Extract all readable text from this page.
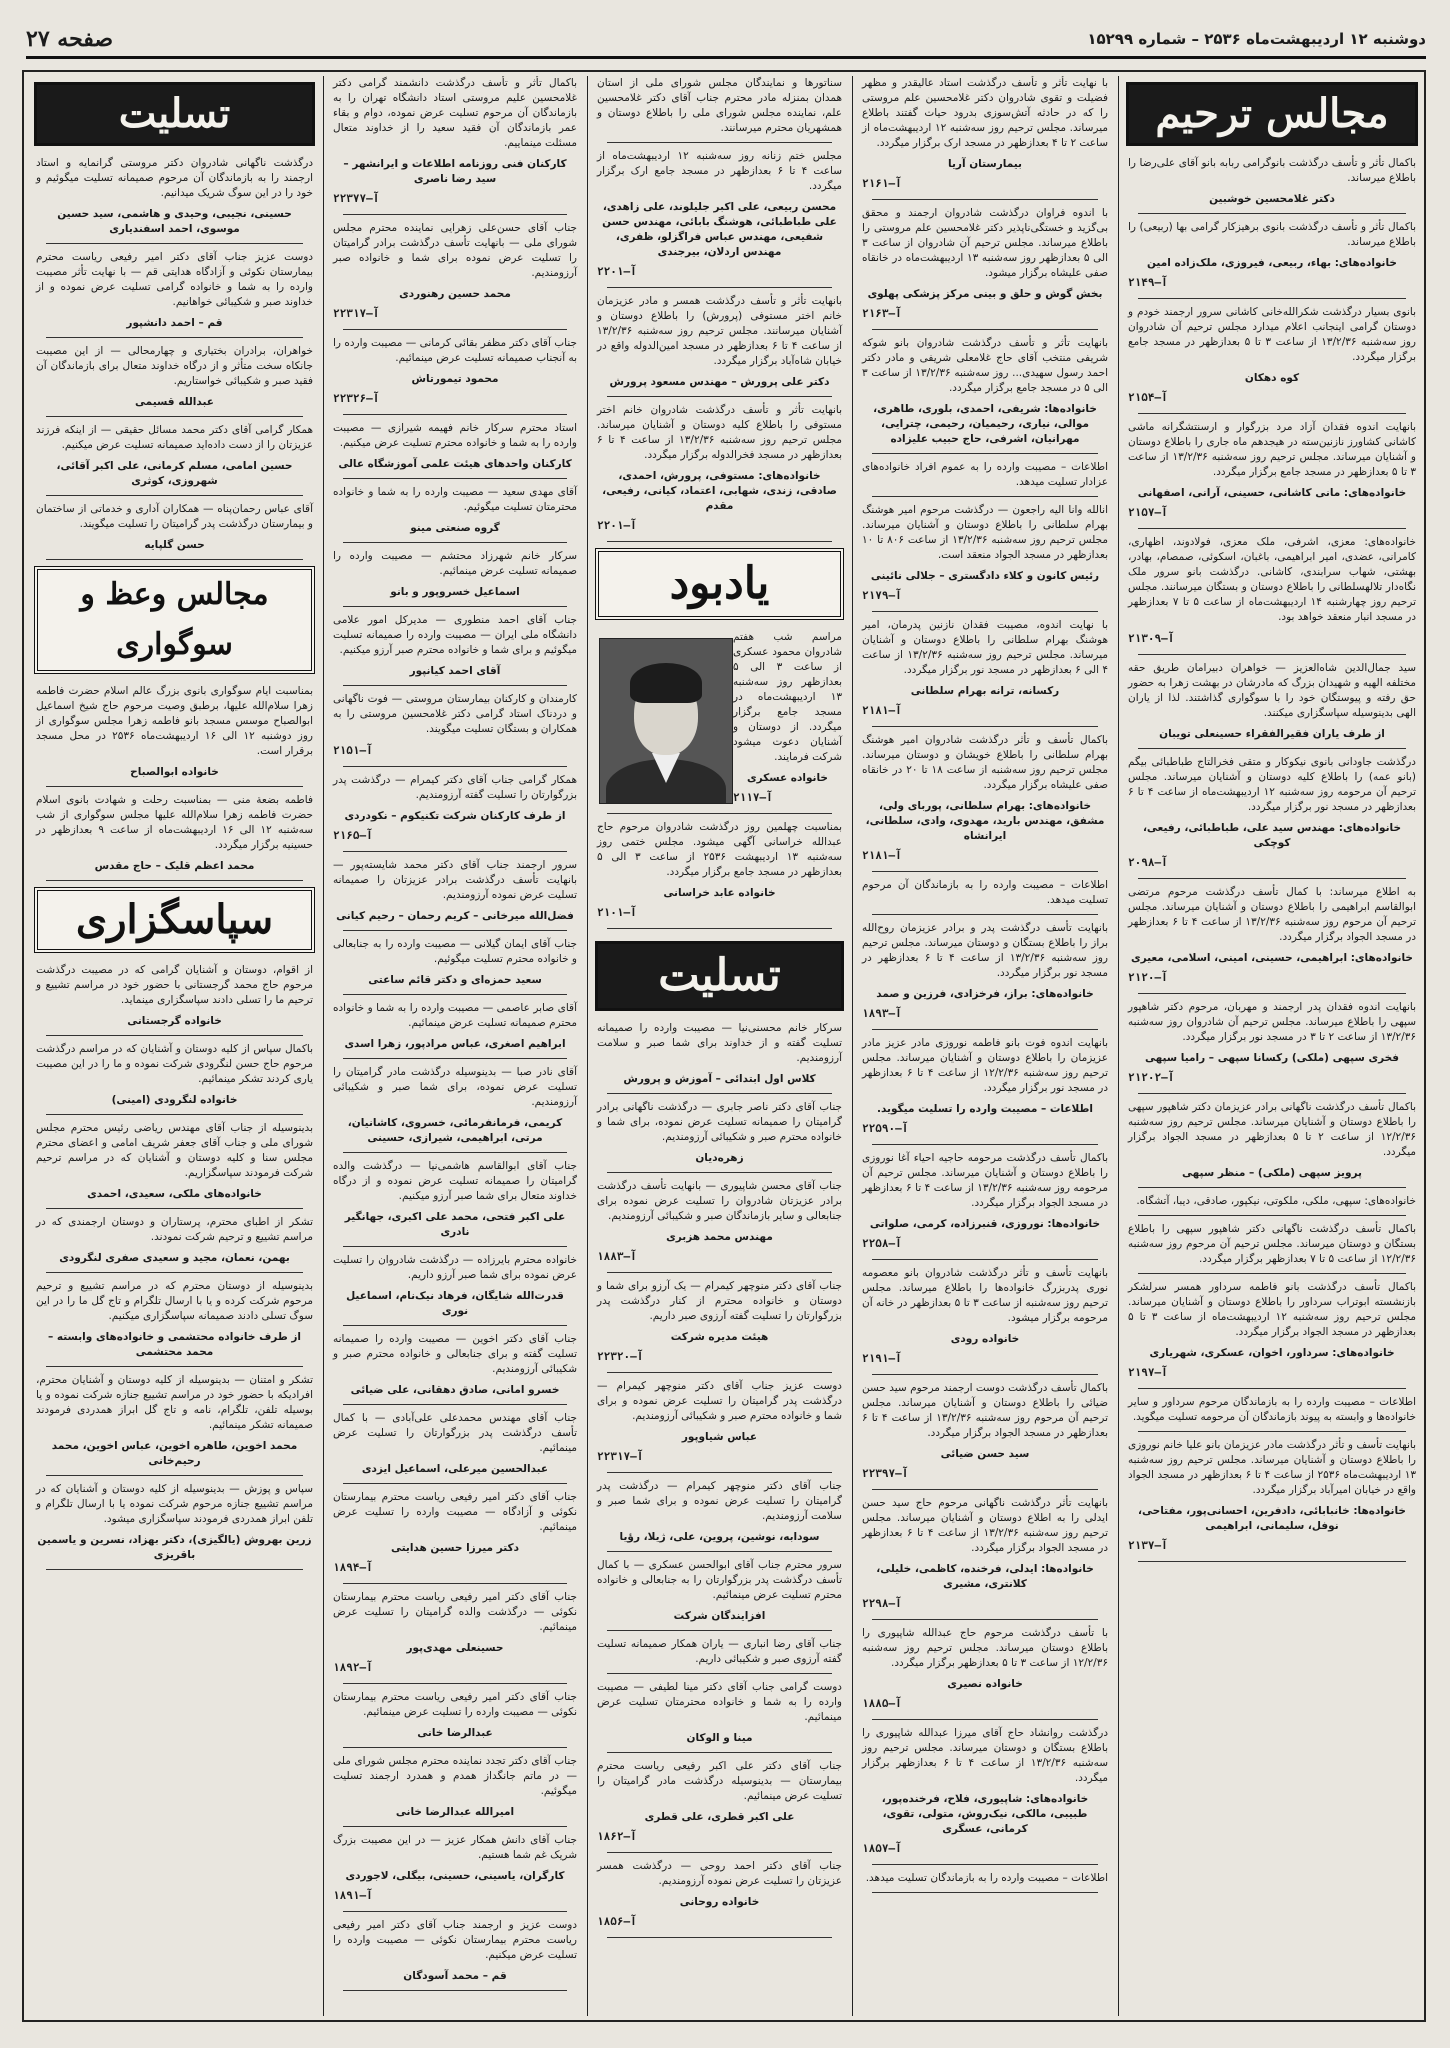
دوشنبه ۱۲ اردیبهشت‌ماه ۲۵۳۶ – شماره ۱۵۲۹۹
صفحه ۲۷
مجالس ترحیم

باکمال تأثر و تأسف درگذشت بانوگرامی ربابه بانو آقای علی‌رضا را باطلاع میرساند.

دکتر غلامحسین خوشبین

باکمال تأثر و تأسف درگذشت بانوی برهیزکار گرامی بها (ربیعی) را باطلاع میرساند.

خانواده‌های: بهاء، ربیعی، فیروزی، ملک‌زاده امین
آ–۲۱۴۹

بانوی بسیار درگذشت شکرالله‌خانی کاشانی سرور ارجمند خودم و دوستان گرامی اینجانب اعلام میدارد مجلس ترحیم آن شادروان روز سه‌شنبه ۱۳/۲/۳۶ از ساعت ۳ تا ۵ بعدازظهر در مسجد جامع برگزار میگردد.

کوه دهکان
آ–۲۱۵۴

بانهایت اندوه فقدان آزاد مرد بزرگوار و ارسنتشگرانه ماشی کاشانی کشاورز نازنین‌سته در هیجدهم ماه جاری را باطلاع دوستان و آشنایان میرساند. مجلس ترحیم روز سه‌شنبه ۱۳/۲/۳۶ از ساعت ۳ تا ۵ بعدازظهر در مسجد جامع برگزار میگردد.

خانواده‌های: مانی کاشانی، حسینی، آرانی، اصفهانی
آ–۲۱۵۷

خانواده‌های: معزی، اشرفی، ملک معزی، فولادوند، اظهاری، کامرانی، عضدی، امیر ابراهیمی، باغبان، اسکوئی، صمصام، بهادر، بهشتی، شهاب سرابندی، کاشانی. درگذشت بانو سرور ملک نگاه‌دار تلالهسلطانی را باطلاع دوستان و بستگان میرسانند. مجلس ترحیم روز چهارشنبه ۱۴ اردیبهشت‌ماه از ساعت ۵ تا ۷ بعدازظهر در مسجد انبار منعقد خواهد بود.

آ–۲۱۳۰۹

سید جمال‌الدین شاه‌العزیز — خواهران دبیرامان طریق حقه مختلفه الهیه و شهیدان بزرگ که مادرشان در بهشت زهرا به حضور حق رفته و پیوستگان خود را با سوگواری گذاشتند. لذا از یاران الهی بدینوسیله سپاسگزاری میکنند.

از طرف یاران فقیرالفقراء حسینعلی تویبان

درگذشت جاودانی بانوی نیکوکار و متقی فخرالتاج طباطبائی بیگم (بانو عمه) را باطلاع کلیه دوستان و آشنایان میرساند. مجلس ترحیم آن مرحومه روز سه‌شنبه ۱۲ اردیبهشت‌ماه از ساعت ۴ تا ۶ بعدازظهر در مسجد نور برگزار میگردد.

خانواده‌های: مهندس سید علی، طباطبائی، رفیعی، کوچکی
آ–۲۰۹۸

به اطلاع میرساند: با کمال تأسف درگذشت مرحوم مرتضی ابوالقاسم ابراهیمی را باطلاع دوستان و آشنایان میرساند. مجلس ترحیم آن مرحوم روز سه‌شنبه ۱۳/۲/۳۶ از ساعت ۴ تا ۶ بعدازظهر در مسجد الجواد برگزار میگردد.

خانواده‌های: ابراهیمی، حسینی، امینی، اسلامی، معیری
آ–۲۱۲۰

بانهایت اندوه فقدان پدر ارجمند و مهربان، مرحوم دکتر شاهپور سپهی را باطلاع میرساند. مجلس ترحیم آن شادروان روز سه‌شنبه ۱۳/۲/۳۶ از ساعت ۲ تا ۳ در مسجد نور برگزار میگردد.

فخری سپهی (ملکی) رکسانا سپهی – رامیا سپهی
آ–۲۱۲۰۲

باکمال تأسف درگذشت ناگهانی برادر عزیزمان دکتر شاهپور سپهی را باطلاع دوستان و آشنایان میرساند. مجلس ترحیم روز سه‌شنبه ۱۲/۲/۳۶ از ساعت ۲ تا ۵ بعدازظهر در مسجد الجواد برگزار میگردد.

پرویز سپهی (ملکی) – منظر سپهی

خانواده‌های: سپهی، ملکی، ملکوتی، نیکپور، صادقی، دیبا، آتشگاه.

باکمال تأسف درگذشت ناگهانی دکتر شاهپور سپهی را باطلاع بستگان و دوستان میرساند. مجلس ترحیم آن مرحوم روز سه‌شنبه ۱۲/۲/۳۶ از ساعت ۵ تا ۷ بعدازظهر برگزار میگردد.

باکمال تأسف درگذشت بانو فاطمه سرداور همسر سرلشکر بازنشسته ابوتراب سرداور را باطلاع دوستان و آشنایان میرساند. مجلس ترحیم روز سه‌شنبه ۱۲ اردیبهشت‌ماه از ساعت ۳ تا ۵ بعدازظهر در مسجد الجواد برگزار میگردد.

خانواده‌های: سرداور، اخوان، عسکری، شهریاری
آ–۲۱۹۷

اطلاعات – مصیبت وارده را به بازماندگان مرحوم سرداور و سایر خانواده‌ها و وابسته به پیوند بازماندگان آن مرحومه تسلیت میگوید.

بانهایت تأسف و تأثر درگذشت مادر عزیزمان بانو علیا خانم نوروزی را باطلاع دوستان و آشنایان میرساند. مجلس ترحیم روز سه‌شنبه ۱۳ اردیبهشت‌ماه ۲۵۳۶ از ساعت ۴ تا ۶ بعدازظهر در مسجد الجواد واقع در خیابان امیرآباد برگزار میگردد.

خانواده‌ها: خانبابائی، دادفرین، احسانی‌پور، مفتاحی، نوفل، سلیمانی، ابراهیمی
آ–۲۱۳۷

با نهایت تأثر و تأسف درگذشت استاد عالیقدر و مظهر فضیلت و تقوی شادروان دکتر غلامحسین علم مروستی را که در حادثه آتش‌سوزی بدرود حیات گفتند باطلاع میرساند. مجلس ترحیم روز سه‌شنبه ۱۲ اردیبهشت‌ماه از ساعت ۲ تا ۴ بعدازظهر در مسجد ارک برگزار میگردد.

بیمارستان آریا
آ–۲۱۶۱

با اندوه فراوان درگذشت شادروان ارجمند و محقق بی‌گزید و خستگی‌ناپذیر دکتر غلامحسین علم مروستی را باطلاع میرساند. مجلس ترحیم آن شادروان از ساعت ۳ الی ۵ بعدازظهر روز سه‌شنبه ۱۳ اردیبهشت‌ماه در خانقاه صفی علیشاه برگزار میشود.

بخش گوش و حلق و بینی مرکز پزشکی پهلوی
آ–۲۱۶۳

بانهایت تأثر و تأسف درگذشت شادروان بانو شوکه شریفی منتخب آقای حاج غلامعلی شریفی و مادر دکتر احمد رسول سهیدی... روز سه‌شنبه ۱۳/۲/۳۶ از ساعت ۳ الی ۵ در مسجد جامع برگزار میگردد.

خانواده‌ها: شریفی، احمدی، بلوری، طاهری، موالی، نیاری، رحیمیان، رحیمی، چترایی، مهرانیان، اشرفی، حاج حبیب علیزاده

اطلاعات – مصیبت وارده را به عموم افراد خانواده‌های عزادار تسلیت میدهد.

انالله وانا الیه راجعون — درگذشت مرحوم امیر هوشنگ بهرام سلطانی را باطلاع دوستان و آشنایان میرساند. مجلس ترحیم روز سه‌شنبه ۱۳/۲/۳۶ از ساعت ۸۰۶ تا ۱۰ بعدازظهر در مسجد الجواد منعقد است.

رئیس کانون و کلاء دادگستری – جلالی نائینی
آ–۲۱۷۹

با نهایت اندوه، مصیبت فقدان نازنین پدرمان، امیر هوشنگ بهرام سلطانی را باطلاع دوستان و آشنایان میرساند. مجلس ترحیم روز سه‌شنبه ۱۳/۲/۳۶ از ساعت ۴ الی ۶ بعدازظهر در مسجد نور برگزار میگردد.

رکسانه، ترانه بهرام سلطانی
آ–۲۱۸۱

باکمال تأسف و تأثر درگذشت شادروان امیر هوشنگ بهرام سلطانی را باطلاع خویشان و دوستان میرساند. مجلس ترحیم روز سه‌شنبه از ساعت ۱۸ تا ۲۰ در خانقاه صفی علیشاه برگزار میگردد.

خانواده‌های: بهرام سلطانی، پوربای ولی، مشفق، مهندس بارید، مهدوی، وادی، سلطانی، ایرانشاه
آ–۲۱۸۱

اطلاعات – مصیبت وارده را به بازماندگان آن مرحوم تسلیت میدهد.

بانهایت تأسف درگذشت پدر و برادر عزیزمان روح‌الله براز را باطلاع بستگان و دوستان میرساند. مجلس ترحیم روز سه‌شنبه ۱۳/۲/۳۶ از ساعت ۴ تا ۶ بعدازظهر در مسجد نور برگزار میگردد.

خانواده‌های: براز، فرخزادی، فرزین و صمد
آ–۱۸۹۳

بانهایت اندوه فوت بانو فاطمه نوروزی مادر عزیز مادر عزیزمان را باطلاع دوستان و آشنایان میرساند. مجلس ترحیم روز سه‌شنبه ۱۲/۲/۳۶ از ساعت ۴ تا ۶ بعدازظهر در مسجد نور برگزار میگردد.

اطلاعات – مصیبت وارده را تسلیت میگوید.
آ–۲۲۵۹۰

باکمال تأسف درگذشت مرحومه حاجیه احیاء آغا نوروزی را باطلاع دوستان و آشنایان میرساند. مجلس ترحیم آن مرحومه روز سه‌شنبه ۱۳/۲/۳۶ از ساعت ۴ تا ۶ بعدازظهر در مسجد الجواد برگزار میگردد.

خانواده‌ها: نوروزی، قنبرزاده، کرمی، صلواتی
آ–۲۲۵۸

بانهایت تأسف و تأثر درگذشت شادروان بانو معصومه نوری پدربزرگ خانواده‌ها را باطلاع میرساند. مجلس ترحیم روز سه‌شنبه از ساعت ۳ تا ۵ بعدازظهر در خانه آن مرحومه برگزار میشود.

خانواده رودی
آ–۲۱۹۱

باکمال تأسف درگذشت دوست ارجمند مرحوم سید حسن ضیائی را باطلاع دوستان و آشنایان میرساند. مجلس ترحیم آن مرحوم روز سه‌شنبه ۱۳/۲/۳۶ از ساعت ۴ تا ۶ بعدازظهر در مسجد الجواد برگزار میگردد.

سید حسن ضیائی
آ–۲۲۳۹۷

بانهایت تأثر درگذشت ناگهانی مرحوم حاج سید حسن ایدلی را به اطلاع دوستان و آشنایان میرساند. مجلس ترحیم روز سه‌شنبه ۱۳/۲/۳۶ از ساعت ۴ تا ۶ بعدازظهر در مسجد الجواد برگزار میگردد.

خانواده‌ها: ایدلی، فرخنده، کاظمی، خلیلی، کلانتری، مشیری
آ–۲۲۹۸

با تأسف درگذشت مرحوم حاج عبدالله شاپیوری را باطلاع دوستان میرساند. مجلس ترحیم روز سه‌شنبه ۱۲/۲/۳۶ از ساعت ۳ تا ۵ بعدازظهر برگزار میگردد.

خانواده نصیری
آ–۱۸۸۵

درگذشت روانشاد حاج آقای میرزا عبدالله شاپیوری را باطلاع بستگان و دوستان میرساند. مجلس ترحیم روز سه‌شنبه ۱۳/۲/۳۶ از ساعت ۴ تا ۶ بعدازظهر برگزار میگردد.

خانواده‌های: شاپیوری، فلاح، فرخنده‌پور، طبیبی، مالکی، نیک‌روش، متولی، تقوی، کرمانی، عسگری
آ–۱۸۵۷

اطلاعات – مصیبت وارده را به بازماندگان تسلیت میدهد.

سناتورها و نمایندگان مجلس شورای ملی از استان همدان بمنزله مادر محترم جناب آقای دکتر غلامحسین علم، نماینده مجلس شورای ملی را باطلاع دوستان و همشهریان محترم میرسانند.

مجلس ختم زنانه روز سه‌شنبه ۱۲ اردیبهشت‌ماه از ساعت ۴ تا ۶ بعدازظهر در مسجد جامع ارک برگزار میگردد.

محسن ربیعی، علی اکبر جلیلوند، علی زاهدی، علی طباطبائی، هوشنگ بابائی، مهندس حسن شفیعی، مهندس عباس فراگزلو، ظفری، مهندس اردلان، بیرجندی
آ–۲۲۰۱

بانهایت تأثر و تأسف درگذشت همسر و مادر عزیزمان خانم اختر مستوفی (پرورش) را باطلاع دوستان و آشنایان میرسانند. مجلس ترحیم روز سه‌شنبه ۱۳/۲/۳۶ از ساعت ۴ تا ۶ بعدازظهر در مسجد امین‌الدوله واقع در خیابان شاه‌آباد برگزار میگردد.

دکتر علی پرورش – مهندس مسعود پرورش

بانهایت تأثر و تأسف درگذشت شادروان خانم اختر مستوفی را باطلاع کلیه دوستان و آشنایان میرساند. مجلس ترحیم روز سه‌شنبه ۱۳/۲/۳۶ از ساعت ۴ تا ۶ بعدازظهر در مسجد فخرالدوله برگزار میگردد.

خانواده‌های: مستوفی، پرورش، احمدی، صادقی، زندی، شهابی، اعتماد، کیانی، رفیعی، مقدم
آ–۲۲۰۱
یادبود

مراسم شب هفتم شادروان محمود عسکری از ساعت ۳ الی ۵ بعدازظهر روز سه‌شنبه ۱۳ اردیبهشت‌ماه در مسجد جامع برگزار میگردد. از دوستان و آشنایان دعوت میشود شرکت فرمایند.

خانواده عسکری
آ–۲۱۱۷

بمناسبت چهلمین روز درگذشت شادروان مرحوم حاج عبدالله خراسانی آگهی میشود. مجلس ختمی روز سه‌شنبه ۱۳ اردیبهشت ۲۵۳۶ از ساعت ۳ الی ۵ بعدازظهر در مسجد جامع برگزار میگردد.

خانواده عابد خراسانی
آ–۲۱۰۱
تسلیت

سرکار خانم محسنی‌نیا — مصیبت وارده را صمیمانه تسلیت گفته و از خداوند برای شما صبر و سلامت آرزومندیم.

کلاس اول ابتدائی – آموزش و پرورش

جناب آقای دکتر ناصر جابری — درگذشت ناگهانی برادر گرامیتان را صمیمانه تسلیت عرض نموده، برای شما و خانواده محترم صبر و شکیبائی آرزومندیم.

زهره‌دیان

جناب آقای محسن شاپیوری — بانهایت تأسف درگذشت برادر عزیزتان شادروان را تسلیت عرض نموده برای جنابعالی و سایر بازماندگان صبر و شکیبائی آرزومندیم.

مهندس محمد هزبری
آ–۱۸۸۳

جناب آقای دکتر منوچهر کیمرام — یک آرزو برای شما و دوستان و خانواده محترم از کنار درگذشت پدر بزرگوارتان را تسلیت گفته آرزوی صبر داریم.

هیئت مدیره شرکت
آ–۲۲۳۲۰

دوست عزیز جناب آقای دکتر منوچهر کیمرام — درگذشت پدر گرامیتان را تسلیت عرض نموده و برای شما و خانواده محترم صبر و شکیبائی آرزومندیم.

عباس شیاوپور
آ–۲۲۳۱۷

جناب آقای دکتر منوچهر کیمرام — درگذشت پدر گرامیتان را تسلیت عرض نموده و برای شما صبر و سلامت آرزومندیم.

سودابه، نوشین، پروین، علی، ژیلا، رؤیا

سرور محترم جناب آقای ابوالحسن عسکری — با کمال تأسف درگذشت پدر بزرگوارتان را به جنابعالی و خانواده محترم تسلیت عرض مینمائیم.

افزایندگان شرکت

جناب آقای رضا انباری — یاران همکار صمیمانه تسلیت گفته آرزوی صبر و شکیبائی داریم.

دوست گرامی جناب آقای دکتر مینا لطیفی — مصیبت وارده را به شما و خانواده محترمتان تسلیت عرض مینمائیم.

مینا و الوکان

جناب آقای دکتر علی اکبر رفیعی ریاست محترم بیمارستان — بدینوسیله درگذشت مادر گرامیتان را تسلیت عرض مینمائیم.

علی اکبر قطری، علی قطری
آ–۱۸۶۲

جناب آقای دکتر احمد روحی — درگذشت همسر عزیزتان را تسلیت عرض نموده آرزومندیم.

خانواده روحانی
آ–۱۸۵۶

باکمال تأثر و تأسف درگذشت دانشمند گرامی دکتر غلامحسین علیم مروستی استاد دانشگاه تهران را به بازماندگان آن مرحوم تسلیت عرض نموده، دوام و بقاء عمر بازماندگان آن فقید سعید را از خداوند متعال مسئلت مینماییم.

کارکنان فنی روزنامه اطلاعات و ایرانشهر – سید رضا ناصری
آ–۲۲۳۷۷

جناب آقای حسن‌علی زهرایی نماینده محترم مجلس شورای ملی — بانهایت تأسف درگذشت برادر گرامیتان را تسلیت عرض نموده برای شما و خانواده صبر آرزومندیم.

محمد حسین رهنوردی
آ–۲۲۳۱۷

جناب آقای دکتر مظفر بقائی کرمانی — مصیبت وارده را به آنجناب صمیمانه تسلیت عرض مینمائیم.

محمود تیمورتاش
آ–۲۲۳۲۶

استاد محترم سرکار خانم فهیمه شیرازی — مصیبت وارده را به شما و خانواده محترم تسلیت عرض میکنیم.

کارکنان واحدهای هیئت علمی آموزشگاه عالی

آقای مهدی سعید — مصیبت وارده را به شما و خانواده محترمتان تسلیت میگوئیم.

گروه صنعتی مینو

سرکار خانم شهرزاد محتشم — مصیبت وارده را صمیمانه تسلیت عرض مینمائیم.

اسماعیل خسروپور و بانو

جناب آقای احمد منطوری — مدیرکل امور علامی دانشگاه ملی ایران — مصیبت وارده را صمیمانه تسلیت میگوئیم و برای شما و خانواده محترم صبر آرزو میکنیم.

آقای احمد کیانپور

کارمندان و کارکنان بیمارستان مروستی — فوت ناگهانی و دردناک استاد گرامی دکتر غلامحسین مروستی را به همکاران و بستگان تسلیت میگویند.

آ–۲۱۵۱

همکار گرامی جناب آقای دکتر کیمرام — درگذشت پدر بزرگوارتان را تسلیت گفته آرزومندیم.

از طرف کارکنان شرکت تکنیکوم – نکودردی
آ–۲۱۶۵

سرور ارجمند جناب آقای دکتر محمد شایسته‌پور — بانهایت تأسف درگذشت برادر عزیزتان را صمیمانه تسلیت عرض نموده آرزومندیم.

فضل‌الله میرخانی – کریم رحمان – رحیم کیانی

جناب آقای ایمان گیلانی — مصیبت وارده را به جنابعالی و خانواده محترم تسلیت میگوئیم.

سعید حمزه‌ای و دکتر قائم ساعتی

آقای صابر عاصمی — مصیبت وارده را به شما و خانواده محترم صمیمانه تسلیت عرض مینمائیم.

ابراهیم اصغری، عباس مرادپور، زهرا اسدی

آقای نادر صبا — بدینوسیله درگذشت مادر گرامیتان را تسلیت عرض نموده، برای شما صبر و شکیبائی آرزومندیم.

کریمی، فرمانفرمائی، خسروی، کاشانیان، مرتی، ابراهیمی، شیرازی، حسینی

جناب آقای ابوالقاسم هاشمی‌نیا — درگذشت والده گرامیتان را صمیمانه تسلیت عرض نموده و از درگاه خداوند متعال برای شما صبر آرزو میکنیم.

علی اکبر فتحی، محمد علی اکبری، جهانگیر نادری

خانواده محترم بایرزاده — درگذشت شادروان را تسلیت عرض نموده برای شما صبر آرزو داریم.

قدرت‌الله شایگان، فرهاد نیک‌نام، اسماعیل نوری

جناب آقای دکتر اخوین — مصیبت وارده را صمیمانه تسلیت گفته و برای جنابعالی و خانواده محترم صبر و شکیبائی آرزومندیم.

خسرو امانی، صادق دهقانی، علی ضیائی

جناب آقای مهندس محمدعلی علی‌آبادی — با کمال تأسف درگذشت پدر بزرگوارتان را تسلیت عرض مینمائیم.

عبدالحسین میرعلی، اسماعیل ایزدی

جناب آقای دکتر امیر رفیعی ریاست محترم بیمارستان نکوئی و آزادگاه — مصیبت وارده را تسلیت عرض مینمائیم.

دکتر میرزا حسین هدایتی
آ–۱۸۹۴

جناب آقای دکتر امیر رفیعی ریاست محترم بیمارستان نکوئی — درگذشت والده گرامیتان را تسلیت عرض مینمائیم.

حسینعلی مهدی‌پور
آ–۱۸۹۲

جناب آقای دکتر امیر رفیعی ریاست محترم بیمارستان نکوئی — مصیبت وارده را تسلیت عرض مینمائیم.

عبدالرضا خانی

جناب آقای دکتر تجدد نماینده محترم مجلس شورای ملی — در ماتم جانگداز همدم و همدرد ارجمند تسلیت میگوئیم.

امیرالله عبدالرضا خانی

جناب آقای دانش همکار عزیز — در این مصیبت بزرگ شریک غم شما هستیم.

کارگران، یاسینی، حسینی، بیگلی، لاجوردی
آ–۱۸۹۱

دوست عزیز و ارجمند جناب آقای دکتر امیر رفیعی ریاست محترم بیمارستان نکوئی — مصیبت وارده را تسلیت عرض میکنیم.

قم – محمد آسودگان
تسلیت

درگذشت ناگهانی شادروان دکتر مروستی گرانمایه و استاد ارجمند را به بازماندگان آن مرحوم صمیمانه تسلیت میگوئیم و خود را در این سوگ شریک میدانیم.

حسینی، نجیبی، وحیدی و هاشمی، سید حسین موسوی، احمد اسفندیاری

دوست عزیز جناب آقای دکتر امیر رفیعی ریاست محترم بیمارستان نکوئی و آزادگاه هدایتی قم — با نهایت تأثر مصیبت وارده را به شما و خانواده گرامی تسلیت عرض نموده و از خداوند صبر و شکیبائی خواهانیم.

قم – احمد دانشپور

خواهران، برادران بختیاری و چهارمحالی — از این مصیبت جانکاه سخت متأثر و از درگاه خداوند متعال برای بازماندگان آن فقید صبر و شکیبائی خواستاریم.

عبدالله قسیمی

همکار گرامی آقای دکتر محمد مسائل حقیقی — از اینکه فرزند عزیزتان را از دست داده‌اید صمیمانه تسلیت عرض میکنیم.

حسین امامی، مسلم کرمانی، علی اکبر آقائی، شهروزی، کوثری

آقای عباس رحمان‌پناه — همکاران آداری و خدماتی از ساختمان و بیمارستان درگذشت پدر گرامیتان را تسلیت میگویند.

حسن گلپایه
مجالس وعظ و سوگواری

بمناسبت ایام سوگواری بانوی بزرگ عالم اسلام حضرت فاطمه زهرا سلام‌الله علیها، برطبق وصیت مرحوم حاج شیخ اسماعیل ابوالصباح موسس مسجد بانو فاطمه زهرا مجلس سوگواری از روز دوشنبه ۱۲ الی ۱۶ اردیبهشت‌ماه ۲۵۳۶ در محل مسجد برقرار است.

خانواده ابوالصباح

فاطمه بضعة منی — بمناسبت رحلت و شهادت بانوی اسلام حضرت فاطمه زهرا سلام‌الله علیها مجلس سوگواری از شب سه‌شنبه ۱۲ الی ۱۶ اردیبهشت‌ماه از ساعت ۹ بعدازظهر در حسینیه برگزار میگردد.

محمد اعظم قلیک – حاج مقدس
سپاسگزاری

از اقوام، دوستان و آشنایان گرامی که در مصیبت درگذشت مرحوم حاج محمد گرجستانی با حضور خود در مراسم تشییع و ترحیم ما را تسلی دادند سپاسگزاری مینماید.

خانواده گرجستانی

باکمال سپاس از کلیه دوستان و آشنایان که در مراسم درگذشت مرحوم حاج حسن لنگرودی شرکت نموده و ما را در این مصیبت یاری کردند تشکر مینمائیم.

خانواده لنگرودی (امینی)

بدینوسیله از جناب آقای مهندس ریاضی رئیس محترم مجلس شورای ملی و جناب آقای جعفر شریف امامی و اعضای محترم مجلس سنا و کلیه دوستان و آشنایان که در مراسم ترحیم شرکت فرمودند سپاسگزاریم.

خانواده‌های ملکی، سعیدی، احمدی

تشکر از اطبای محترم، پرستاران و دوستان ارجمندی که در مراسم تشییع و ترحیم شرکت نمودند.

بهمن، نعمان، مجید و سعیدی صفری لنگرودی

بدینوسیله از دوستان محترم که در مراسم تشییع و ترحیم مرحوم شرکت کرده و یا با ارسال تلگرام و تاج گل ما را در این سوگ تسلی دادند صمیمانه سپاسگزاری میکنیم.

از طرف خانواده محتشمی و خانواده‌های وابسته – محمد محتشمی

تشکر و امتنان — بدینوسیله از کلیه دوستان و آشنایان محترم، افرادیکه با حضور خود در مراسم تشییع جنازه شرکت نموده و یا بوسیله تلفن، تلگرام، نامه و تاج گل ابراز همدردی فرمودند صمیمانه تشکر مینمائیم.

محمد اخوین، طاهره اخوین، عباس اخوین، محمد رحیم‌خانی

سپاس و پوزش — بدینوسیله از کلیه دوستان و آشنایان که در مراسم تشییع جنازه مرحوم شرکت نموده یا با ارسال تلگرام و تلفن ابراز همدردی فرمودند سپاسگزاری میشود.

زرین بهروش (یالگیزی)، دکتر بهزاد، نسرین و یاسمین باقریزی
